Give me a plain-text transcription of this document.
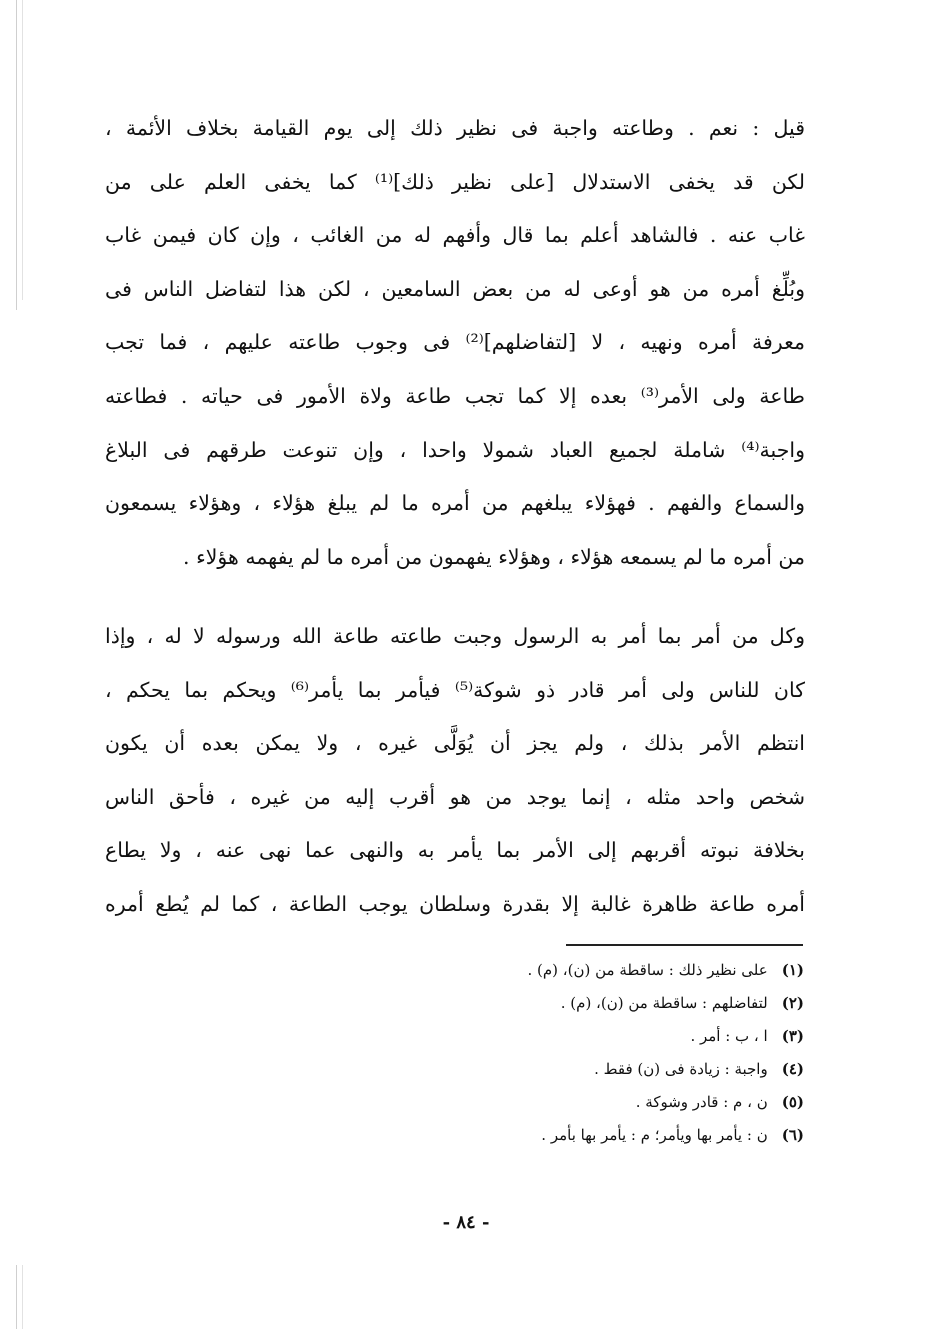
قيل : نعم . وطاعته واجبة فى نظير ذلك إلى يوم القيامة بخلاف الأئمة ،
لكن قد يخفى الاستدلال [على نظير ذلك]⁽¹⁾ كما يخفى العلم على من
غاب عنه . فالشاهد أعلم بما قال وأفهم له من الغائب ، وإن كان فيمن غاب
وبُلِّغ أمره من هو أوعى له من بعض السامعين ، لكن هذا لتفاضل الناس فى
معرفة أمره ونهيه ، لا [لتفاضلهم]⁽²⁾ فى وجوب طاعته عليهم ، فما تجب
طاعة ولى الأمر⁽³⁾ بعده إلا كما تجب طاعة ولاة الأمور فى حياته . فطاعته
واجبة⁽⁴⁾ شاملة لجميع العباد شمولا واحدا ، وإن تنوعت طرقهم فى البلاغ
والسماع والفهم . فهؤلاء يبلغهم من أمره ما لم يبلغ هؤلاء ، وهؤلاء يسمعون
من أمره ما لم يسمعه هؤلاء ، وهؤلاء يفهمون من أمره ما لم يفهمه هؤلاء .
وكل من أمر بما أمر به الرسول وجبت طاعته طاعة الله ورسوله لا له ، وإذا
كان للناس ولى أمر قادر ذو شوكة⁽⁵⁾ فيأمر بما يأمر⁽⁶⁾ ويحكم بما يحكم ،
انتظم الأمر بذلك ، ولم يجز أن يُوَلَّى غيره ، ولا يمكن بعده أن يكون
شخص واحد مثله ، إنما يوجد من هو أقرب إليه من غيره ، فأحق الناس
بخلافة نبوته أقربهم إلى الأمر بما يأمر به والنهى عما نهى عنه ، ولا يطاع
أمره طاعة ظاهرة غالبة إلا بقدرة وسلطان يوجب الطاعة ، كما لم يُطع أمره
(١)على نظير ذلك : ساقطة من (ن)، (م) .
(٢)لتفاضلهم : ساقطة من (ن)، (م) .
(٣)ا ، ب : أمر .
(٤)واجبة : زيادة فى (ن) فقط .
(٥)ن ، م : قادر وشوكة .
(٦)ن : يأمر بها ويأمر؛ م : يأمر بها بأمر .
- ٨٤ -
